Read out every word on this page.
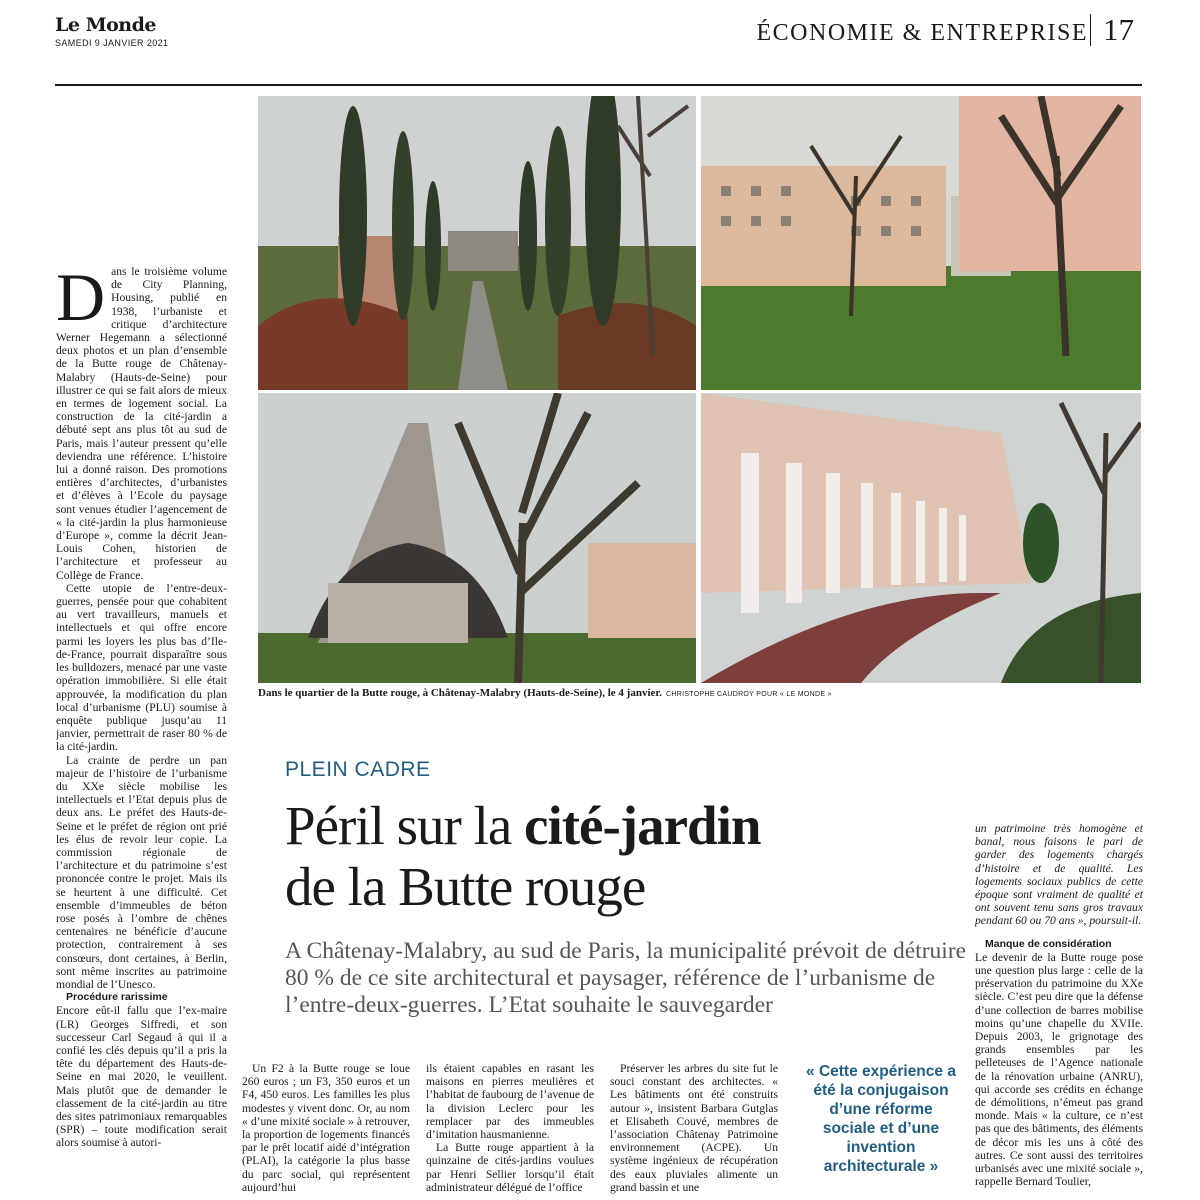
Le Monde
SAMEDI 9 JANVIER 2021	ÉCONOMIE & ENTREPRISE 17
Dans le quartier de la Butte rouge, à Châtenay-Malabry (Hauts-de-Seine), le 4 janvier. CHRISTOPHE CAUDROY POUR « LE MONDE »

Dans le troisième volume de City Planning, Housing, publié en 1938, l’urbaniste et critique d’architecture Werner Hegemann a sélectionné deux photos et un plan d’ensemble de la Butte rouge de Châtenay-Malabry (Hauts-de-Seine) pour illustrer ce qui se fait alors de mieux en termes de logement social. La construction de la cité-jardin a débuté sept ans plus tôt au sud de Paris, mais l’auteur pressent qu’elle deviendra une référence. L’histoire lui a donné raison. Des promotions entières d’architectes, d’urbanistes et d’élèves à l’Ecole du paysage sont venues étudier l’agencement de « la cité-jardin la plus harmonieuse d’Europe », comme la décrit Jean-Louis Cohen, historien de l’architecture et professeur au Collège de France.

Cette utopie de l’entre-deux-guerres, pensée pour que cohabitent au vert travailleurs, manuels et intellectuels et qui offre encore parmi les loyers les plus bas d’Ile-de-France, pourrait disparaître sous les bulldozers, menacé par une vaste opération immobilière. Si elle était approuvée, la modification du plan local d’urbanisme (PLU) soumise à enquête publique jusqu’au 11 janvier, permettrait de raser 80 % de la cité-jardin.

La crainte de perdre un pan majeur de l’histoire de l’urbanisme du XXe siècle mobilise les intellectuels et l’Etat depuis plus de deux ans. Le préfet des Hauts-de-Seine et le préfet de région ont prié les élus de revoir leur copie. La commission régionale de l’architecture et du patrimoine s’est prononcée contre le projet. Mais ils se heurtent à une difficulté. Cet ensemble d’immeubles de béton rose posés à l’ombre de chênes centenaires ne bénéficie d’aucune protection, contrairement à ses consœurs, dont certaines, à Berlin, sont même inscrites au patrimoine mondial de l’Unesco.

Procédure rarissime

Encore eût-il fallu que l’ex-maire (LR) Georges Siffredi, et son successeur Carl Segaud à qui il a confié les clés depuis qu’il a pris la tête du département des Hauts-de-Seine en mai 2020, le veuillent. Mais plutôt que de demander le classement de la cité-jardin au titre des sites patrimoniaux remarquables (SPR) – toute modification serait alors soumise à autori-

PLEIN CADRE
Péril sur la cité-jardin
de la Butte rouge
A Châtenay-Malabry, au sud de Paris, la municipalité prévoit de détruire 80 % de ce site architectural et paysager, référence de l’urbanisme de l’entre-deux-guerres. L’Etat souhaite le sauvegarder

Un F2 à la Butte rouge se loue 260 euros ; un F3, 350 euros et un F4, 450 euros. Les familles les plus modestes y vivent donc. Or, au nom « d’une mixité sociale » à retrouver, la proportion de logements financés par le prêt locatif aidé d’intégration (PLAI), la catégorie la plus basse du parc social, qui représentent aujourd’hui

ils étaient capables en rasant les maisons en pierres meulières et l’habitat de faubourg de l’avenue de la division Leclerc pour les remplacer par des immeubles d’imitation hausmanienne.

La Butte rouge appartient à la quinzaine de cités-jardins voulues par Henri Sellier lorsqu’il était administrateur délégué de l’office

Préserver les arbres du site fut le souci constant des architectes. « Les bâtiments ont été construits autour », insistent Barbara Gutglas et Elisabeth Couvé, membres de l’association Châtenay Patrimoine environnement (ACPE). Un système ingénieux de récupération des eaux pluviales alimente un grand bassin et une

« Cette expérience a été la conjugaison d’une réforme sociale et d’une invention architecturale »

un patrimoine très homogène et banal, nous faisons le pari de garder des logements chargés d’histoire et de qualité. Les logements sociaux publics de cette époque sont vraiment de qualité et ont souvent tenu sans gros travaux pendant 60 ou 70 ans », poursuit-il.

Manque de considération

Le devenir de la Butte rouge pose une question plus large : celle de la préservation du patrimoine du XXe siècle. C’est peu dire que la défense d’une collection de barres mobilise moins qu’une chapelle du XVIIe. Depuis 2003, le grignotage des grands ensembles par les pelleteuses de l’Agence nationale de la rénovation urbaine (ANRU), qui accorde ses crédits en échange de démolitions, n’émeut pas grand monde. Mais « la culture, ce n’est pas que des bâtiments, des éléments de décor mis les uns à côté des autres. Ce sont aussi des territoires urbanisés avec une mixité sociale », rappelle Bernard Toulier,
